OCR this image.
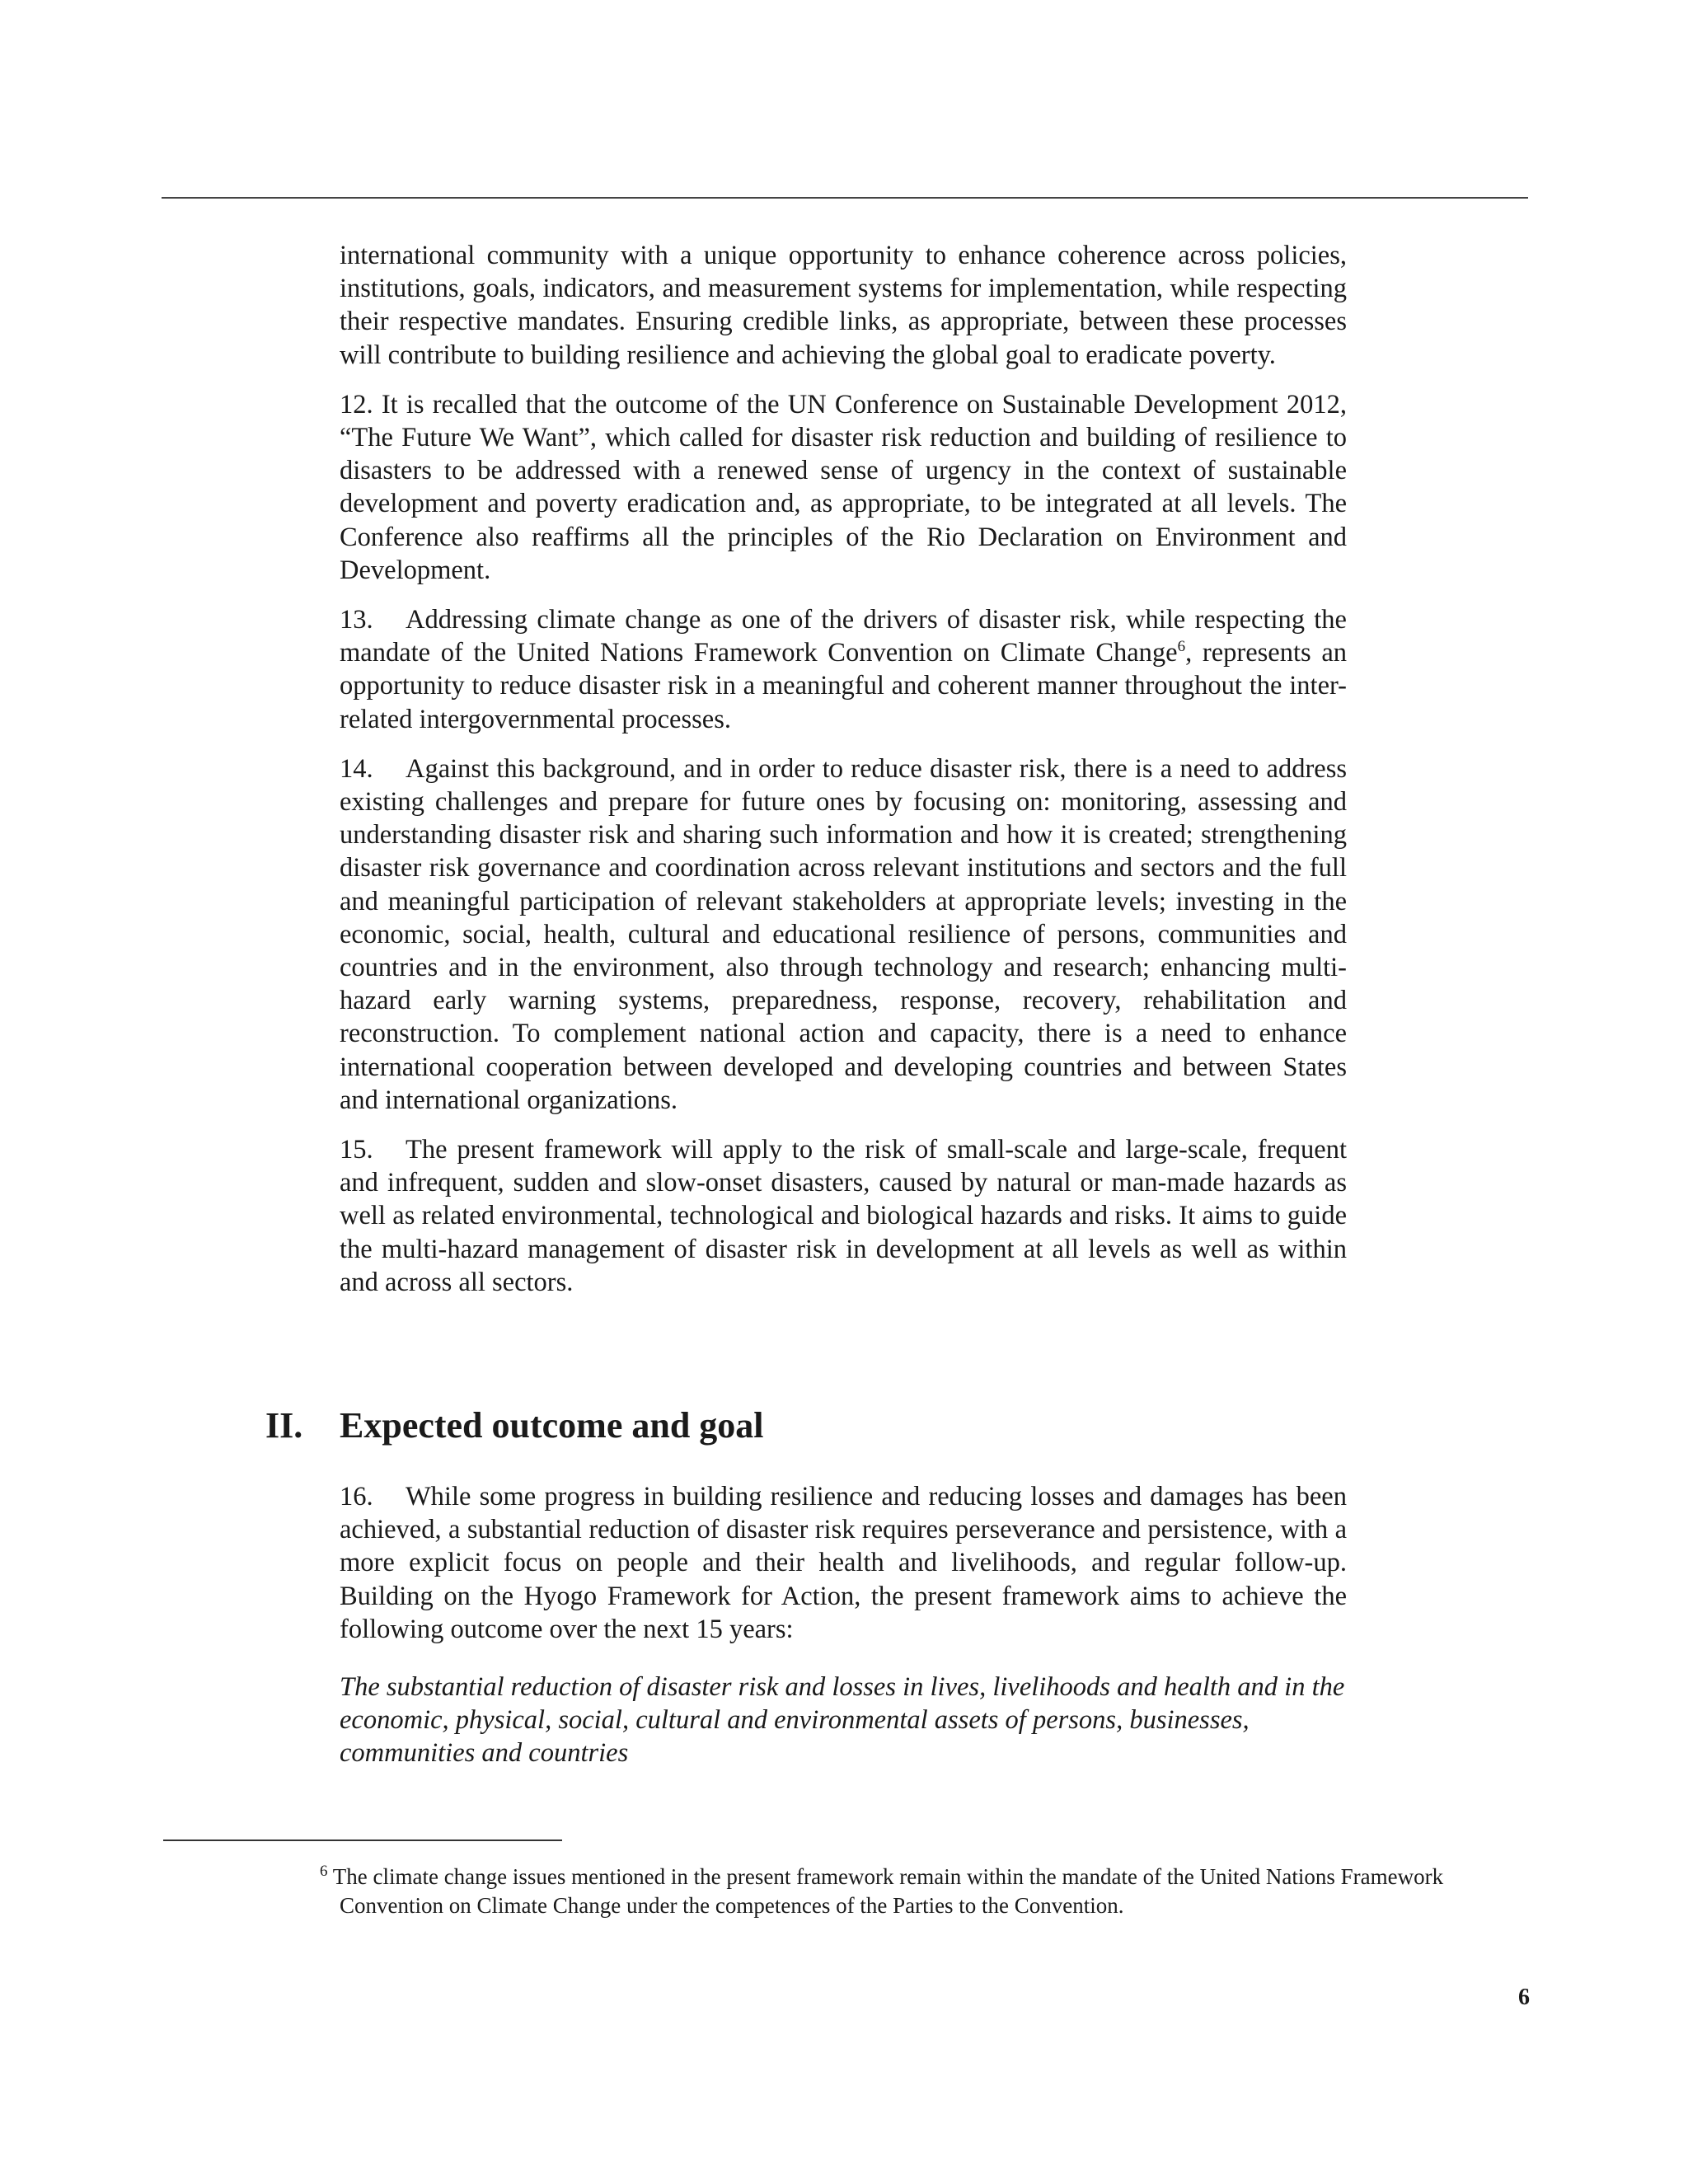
international community with a unique opportunity to enhance coherence across policies, institutions, goals, indicators, and measurement systems for implementation, while respecting their respective mandates. Ensuring credible links, as appropriate, between these processes will contribute to building resilience and achieving the global goal to eradicate poverty.

12. It is recalled that the outcome of the UN Conference on Sustainable Development 2012, “The Future We Want”, which called for disaster risk reduction and building of resilience to disasters to be addressed with a renewed sense of urgency in the context of sustainable development and poverty eradication and, as appropriate, to be integrated at all levels. The Conference also reaffirms all the principles of the Rio Declaration on Environment and Development.

13. Addressing climate change as one of the drivers of disaster risk, while respecting the mandate of the United Nations Framework Convention on Climate Change$^6$, represents an opportunity to reduce disaster risk in a meaningful and coherent manner throughout the inter-related intergovernmental processes.

14. Against this background, and in order to reduce disaster risk, there is a need to address existing challenges and prepare for future ones by focusing on: monitoring, assessing and understanding disaster risk and sharing such information and how it is created; strengthening disaster risk governance and coordination across relevant institutions and sectors and the full and meaningful participation of relevant stakeholders at appropriate levels; investing in the economic, social, health, cultural and educational resilience of persons, communities and countries and in the environment, also through technology and research; enhancing multi-hazard early warning systems, preparedness, response, recovery, rehabilitation and reconstruction. To complement national action and capacity, there is a need to enhance international cooperation between developed and developing countries and between States and international organizations.

15. The present framework will apply to the risk of small-scale and large-scale, frequent and infrequent, sudden and slow-onset disasters, caused by natural or man-made hazards as well as related environmental, technological and biological hazards and risks. It aims to guide the multi-hazard management of disaster risk in development at all levels as well as within and across all sectors.

II. Expected outcome and goal

16. While some progress in building resilience and reducing losses and damages has been achieved, a substantial reduction of disaster risk requires perseverance and persistence, with a more explicit focus on people and their health and livelihoods, and regular follow-up. Building on the Hyogo Framework for Action, the present framework aims to achieve the following outcome over the next 15 years:

The substantial reduction of disaster risk and losses in lives, livelihoods and health and in the economic, physical, social, cultural and environmental assets of persons, businesses, communities and countries

$^6$ The climate change issues mentioned in the present framework remain within the mandate of the United Nations Framework Convention on Climate Change under the competences of the Parties to the Convention.
6
